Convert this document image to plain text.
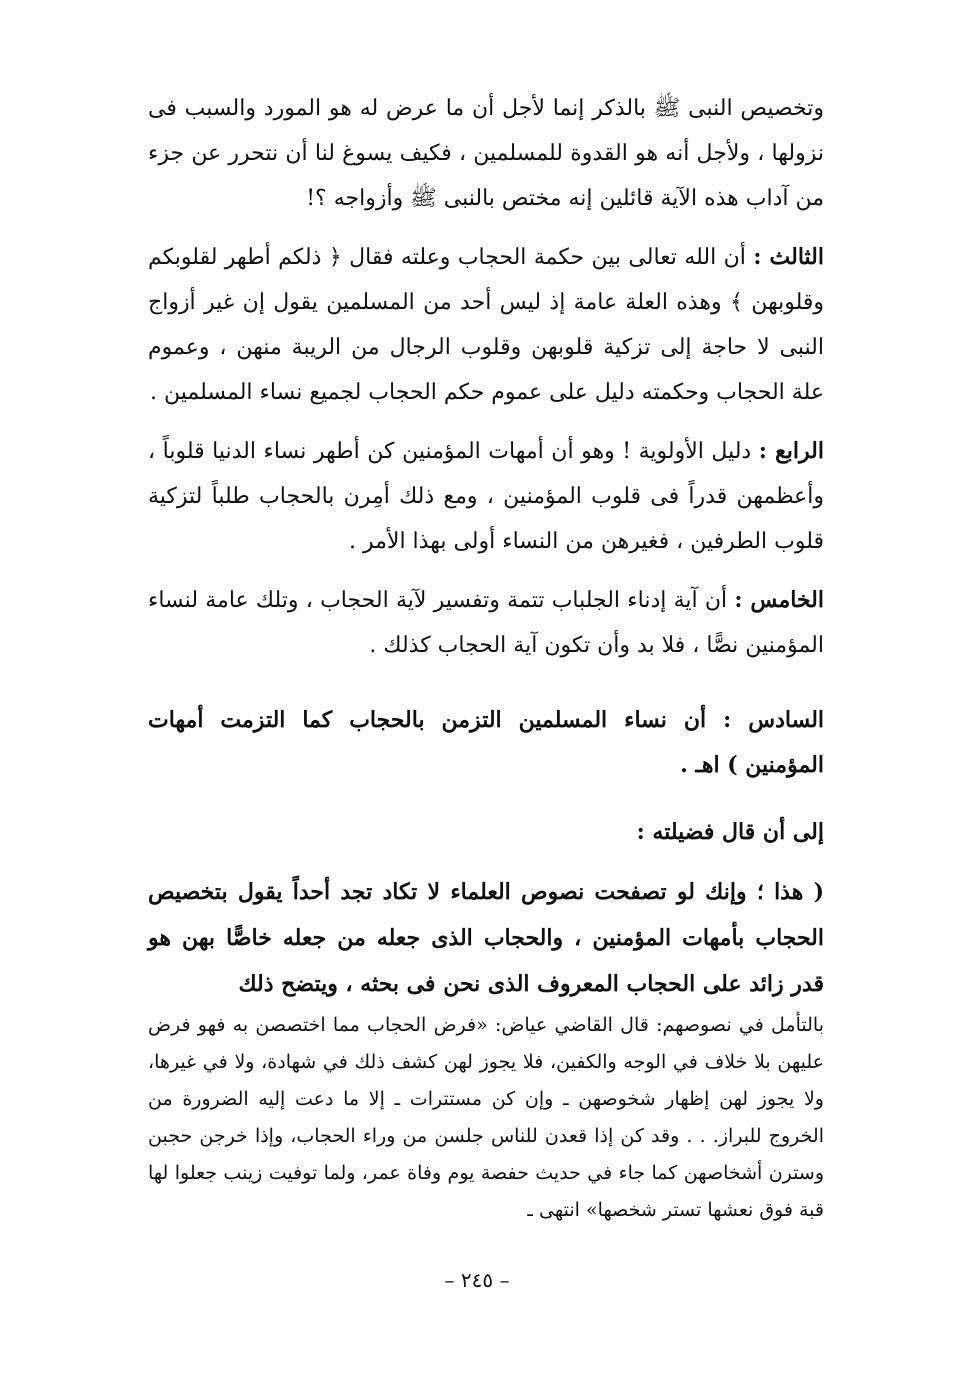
وتخصيص النبى ﷺ بالذكر إنما لأجل أن ما عرض له هو المورد والسبب فى نزولها ، ولأجل أنه هو القدوة للمسلمين ، فكيف يسوغ لنا أن نتحرر عن جزء من آداب هذه الآية قائلين إنه مختص بالنبى ﷺ وأزواجه ؟!

الثالث : أن الله تعالى بين حكمة الحجاب وعلته فقال ﴿ ذلكم أطهر لقلوبكم وقلوبهن ﴾ وهذه العلة عامة إذ ليس أحد من المسلمين يقول إن غير أزواج النبى لا حاجة إلى تزكية قلوبهن وقلوب الرجال من الريبة منهن ، وعموم علة الحجاب وحكمته دليل على عموم حكم الحجاب لجميع نساء المسلمين .

الرابع : دليل الأولوية ! وهو أن أمهات المؤمنين كن أطهر نساء الدنيا قلوباً ، وأعظمهن قدراً فى قلوب المؤمنين ، ومع ذلك أمِرن بالحجاب طلباً لتزكية قلوب الطرفين ، فغيرهن من النساء أولى بهذا الأمر .

الخامس : أن آية إدناء الجلباب تتمة وتفسير لآية الحجاب ، وتلك عامة لنساء المؤمنين نصًّا ، فلا بد وأن تكون آية الحجاب كذلك .

السادس : أن نساء المسلمين التزمن بالحجاب كما التزمت أمهات المؤمنين ) اهـ .

إلى أن قال فضيلته :

( هذا ؛ وإنك لو تصفحت نصوص العلماء لا تكاد تجد أحداً يقول بتخصيص الحجاب بأمهات المؤمنين ، والحجاب الذى جعله من جعله خاصًّا بهن هو قدر زائد على الحجاب المعروف الذى نحن فى بحثه ، ويتضح ذلك

بالتأمل في نصوصهم: قال القاضي عياض: «فرض الحجاب مما اختصصن به فهو فرض عليهن بلا خلاف في الوجه والكفين، فلا يجوز لهن كشف ذلك في شهادة، ولا في غيرها، ولا يجوز لهن إظهار شخوصهن ـ وإن كن مستترات ـ إلا ما دعت إليه الضرورة من الخروج للبراز. . . وقد كن إذا قعدن للناس جلسن من وراء الحجاب، وإذا خرجن حجبن وسترن أشخاصهن كما جاء في حديث حفصة يوم وفاة عمر، ولما توفيت زينب جعلوا لها قبة فوق نعشها تستر شخصها» انتهى ـ

– ٢٤٥ –
